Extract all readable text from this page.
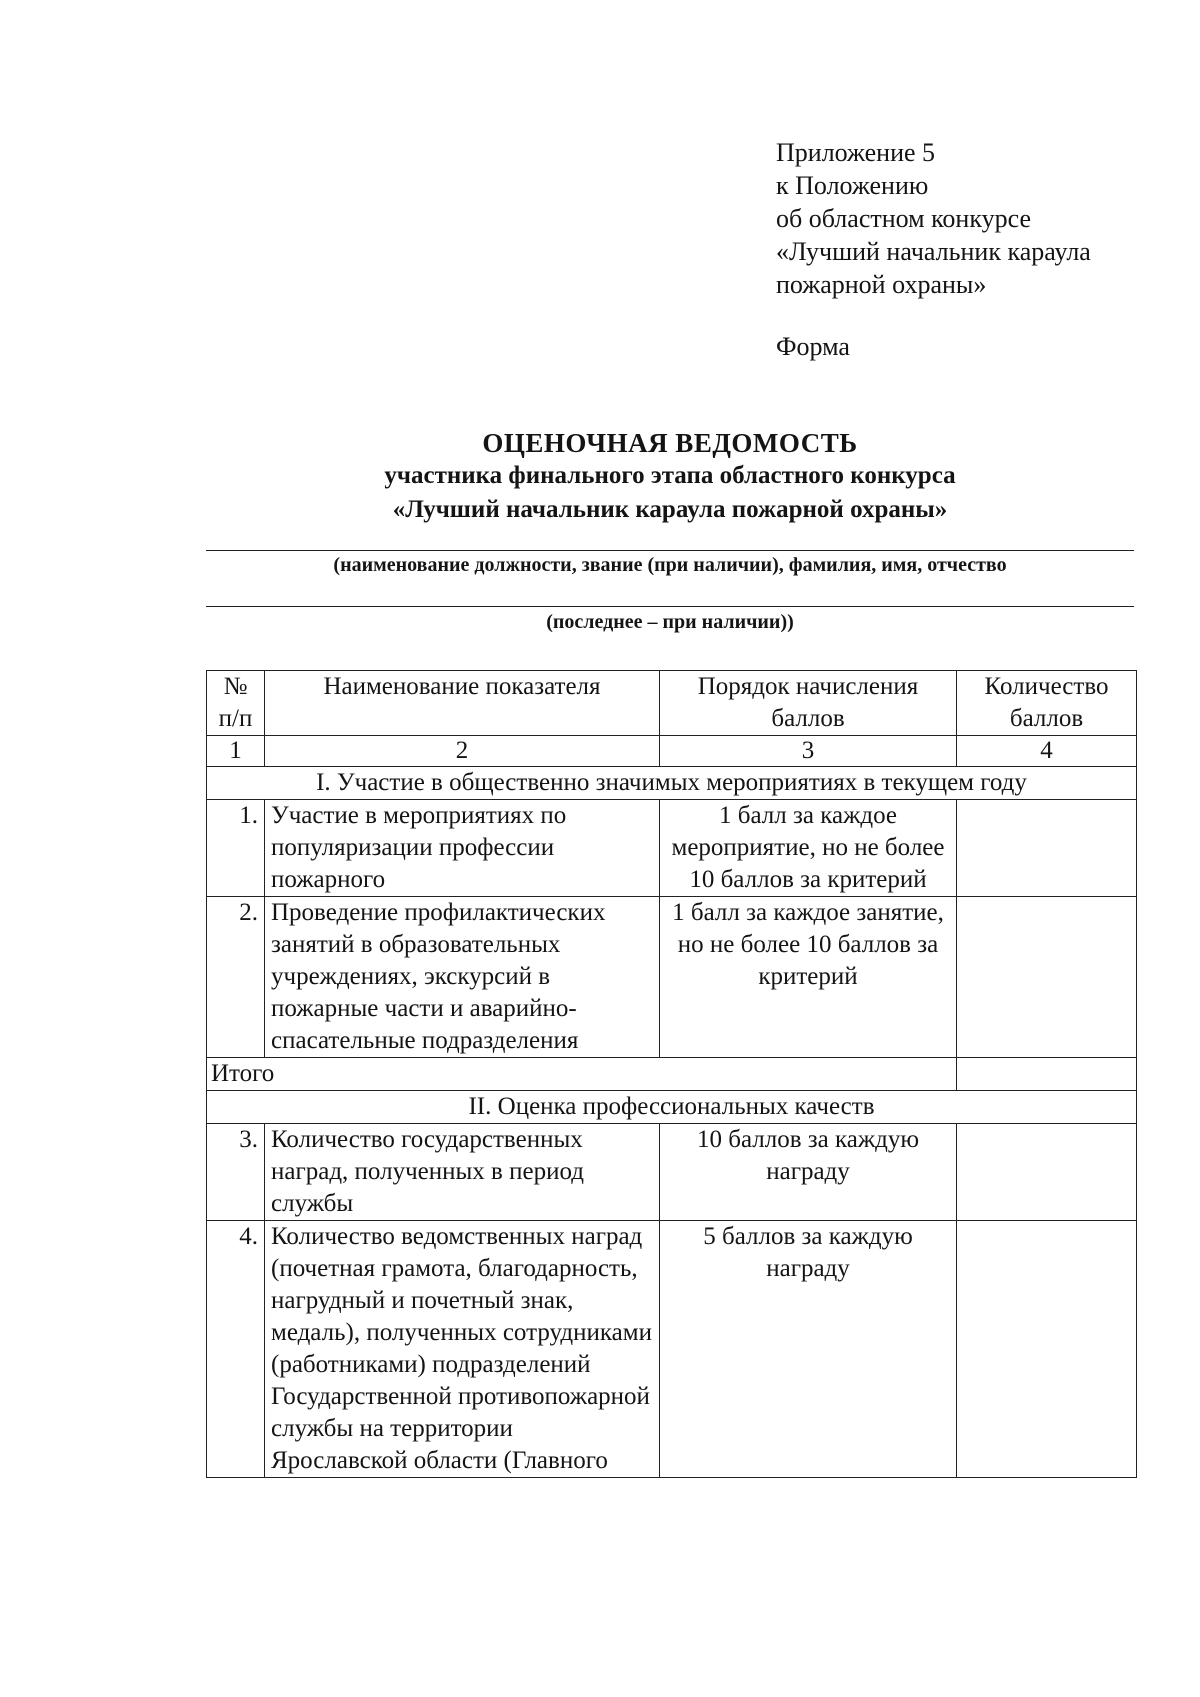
Приложение 5
к Положению
об областном конкурсе
«Лучший начальник караула
пожарной охраны»
Форма
ОЦЕНОЧНАЯ ВЕДОМОСТЬ
участника финального этапа областного конкурса
«Лучший начальник караула пожарной охраны»
(наименование должности, звание (при наличии), фамилия, имя, отчество
(последнее – при наличии))
№ п/п	Наименование показателя	Порядок начисления баллов	Количество баллов
1	2	3	4
I. Участие в общественно значимых мероприятиях в текущем году			
1.	Участие в мероприятиях по популяризации профессии пожарного	1 балл за каждое мероприятие, но не более 10 баллов за критерий	
2.	Проведение профилактических занятий в образовательных учреждениях, экскурсий в пожарные части и аварийно-спасательные подразделения	1 балл за каждое занятие, но не более 10 баллов за критерий	
Итого			
II. Оценка профессиональных качеств			
3.	Количество государственных наград, полученных в период службы	10 баллов за каждую награду	
4.	Количество ведомственных наград (почетная грамота, благодарность, нагрудный и почетный знак, медаль), полученных сотрудниками (работниками) подразделений Государственной противопожарной службы на территории Ярославской области (Главного	5 баллов за каждую награду	
